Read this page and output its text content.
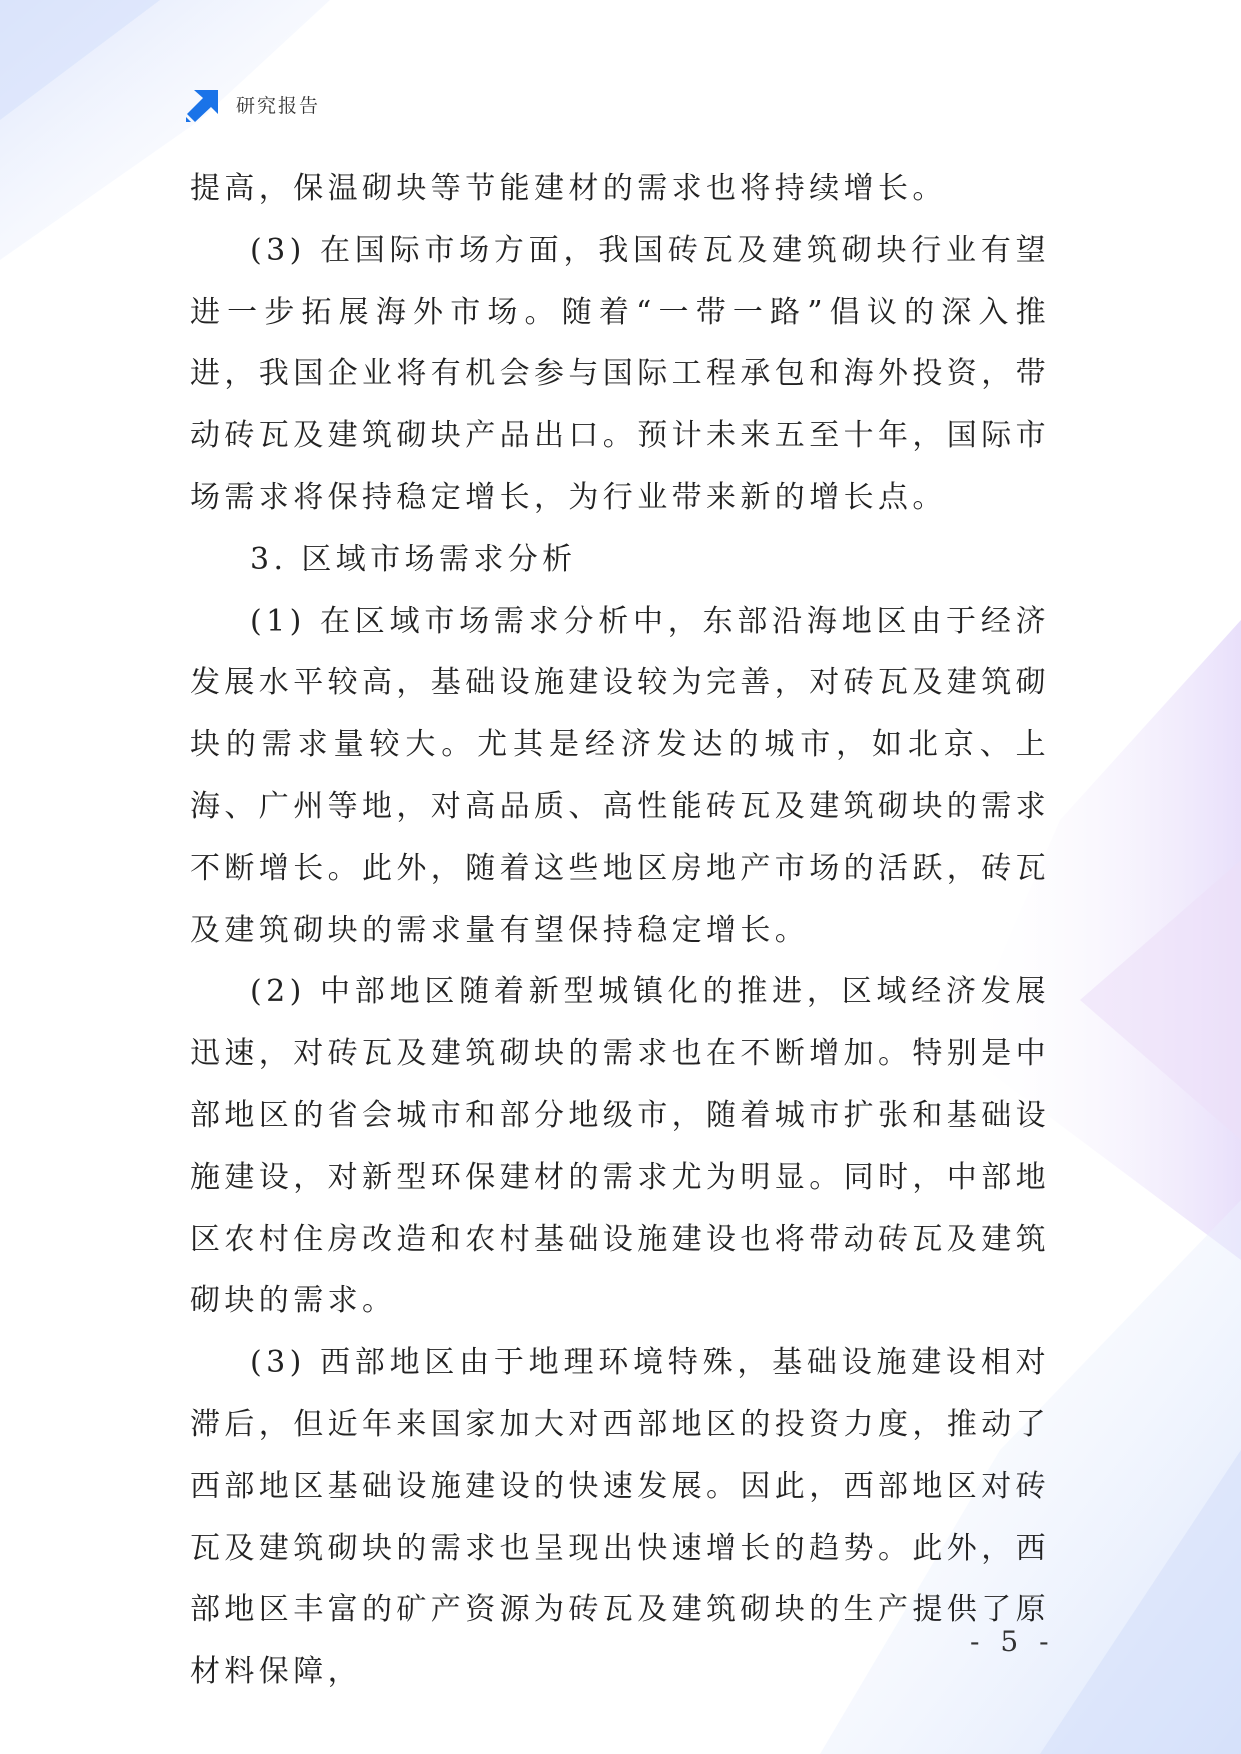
研究报告

提高，保温砌块等节能建材的需求也将持续增长。

(3) 在国际市场方面，我国砖瓦及建筑砌块行业有望进一步拓展海外市场。随着“一带一路”倡议的深入推进，我国企业将有机会参与国际工程承包和海外投资，带动砖瓦及建筑砌块产品出口。预计未来五至十年，国际市场需求将保持稳定增长，为行业带来新的增长点。

3. 区域市场需求分析

(1) 在区域市场需求分析中，东部沿海地区由于经济发展水平较高，基础设施建设较为完善，对砖瓦及建筑砌块的需求量较大。尤其是经济发达的城市，如北京、上海、广州等地，对高品质、高性能砖瓦及建筑砌块的需求不断增长。此外，随着这些地区房地产市场的活跃，砖瓦及建筑砌块的需求量有望保持稳定增长。

(2) 中部地区随着新型城镇化的推进，区域经济发展迅速，对砖瓦及建筑砌块的需求也在不断增加。特别是中部地区的省会城市和部分地级市，随着城市扩张和基础设施建设，对新型环保建材的需求尤为明显。同时，中部地区农村住房改造和农村基础设施建设也将带动砖瓦及建筑砌块的需求。

(3) 西部地区由于地理环境特殊，基础设施建设相对滞后，但近年来国家加大对西部地区的投资力度，推动了西部地区基础设施建设的快速发展。因此，西部地区对砖瓦及建筑砌块的需求也呈现出快速增长的趋势。此外，西部地区丰富的矿产资源为砖瓦及建筑砌块的生产提供了原材料保障，

- 5 -
